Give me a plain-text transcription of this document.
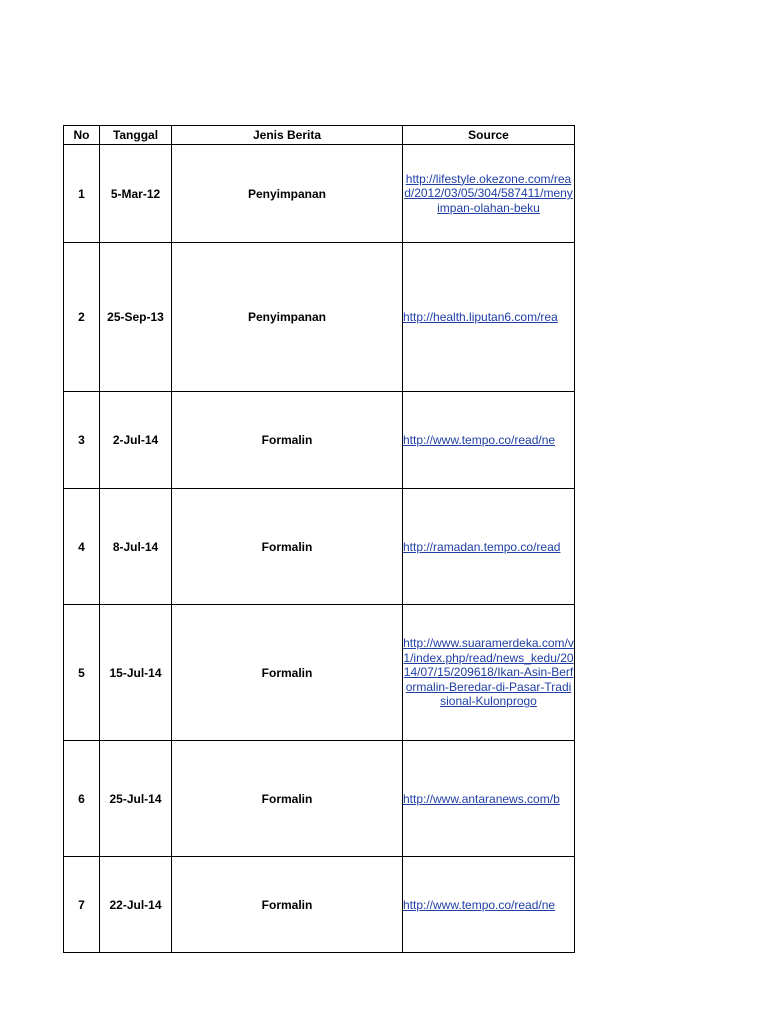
No	Tanggal	Jenis Berita	Source
1	5-Mar-12	Penyimpanan	http://lifestyle.okezone.com/read/2012/03/05/304/587411/menyimpan-olahan-beku

2	25-Sep-13	Penyimpanan	http://health.liputan6.com/rea

3	2-Jul-14	Formalin	http://www.tempo.co/read/ne

4	8-Jul-14	Formalin	http://ramadan.tempo.co/read

5	15-Jul-14	Formalin	http://www.suaramerdeka.com/v1/index.php/read/news_kedu/2014/07/15/209618/Ikan-Asin-Berformalin-Beredar-di-Pasar-Tradisional-Kulonprogo

6	25-Jul-14	Formalin	http://www.antaranews.com/b

7	22-Jul-14	Formalin	http://www.tempo.co/read/ne
